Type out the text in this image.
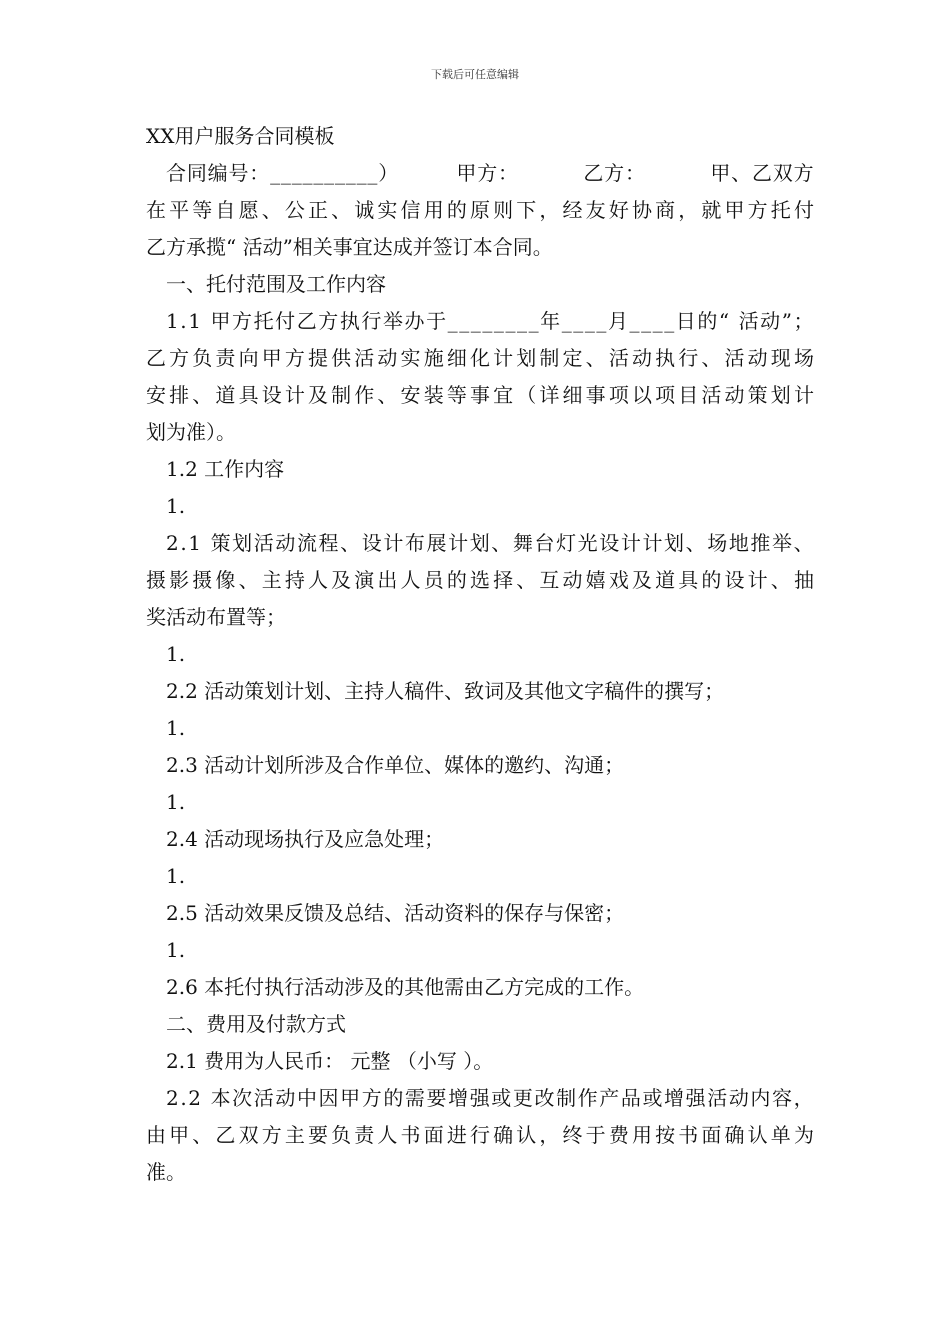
下载后可任意编辑
XX用户服务合同模板
合 同 编 号 ： _ _ _ _ _ _ _ _ _ _ ）

	甲 方 ：

	乙 方 ：

	甲 、 乙 双 方
在 平 等 自 愿 、 公 正 、 诚 实 信 用 的 原 则 下 ， 经 友 好 协 商 ， 就 甲 方 托 付
乙方承揽“ 活动”相关事宜达成并签订本合同。
一、托付范围及工作内容
1 . 1
甲 方 托 付 乙 方 执 行 举 办 于 _ _ _ _ _ _ _ _ 年 _ _ _ _ 月 _ _ _ _ 日 的 “
活 动 ” ；
乙 方 负 责 向 甲 方 提 供 活 动 实 施 细 化 计 划 制 定 、 活 动 执 行 、 活 动 现 场
安 排 、 道 具 设 计 及 制 作 、 安 装 等 事 宜 （ 详 细 事 项 以 项 目 活 动 策 划 计
划为准）。
1.2 工作内容
1.
2 . 1
策 划 活 动 流 程 、 设 计 布 展 计 划 、 舞 台 灯 光 设 计 计 划 、 场 地 推 举 、
摄 影 摄 像 、 主 持 人 及 演 出 人 员 的 选 择 、 互 动 嬉 戏 及 道 具 的 设 计 、 抽
奖活动布置等；
1.
2.2 活动策划计划、主持人稿件、致词及其他文字稿件的撰写；
1.
2.3 活动计划所涉及合作单位、媒体的邀约、沟通；
1.
2.4 活动现场执行及应急处理；
1.
2.5 活动效果反馈及总结、活动资料的保存与保密；
1.
2.6 本托付执行活动涉及的其他需由乙方完成的工作。
二、费用及付款方式
2.1 费用为人民币： 元整 （小写 ）。
2 . 2
本 次 活 动 中 因 甲 方 的 需 要 增 强 或 更 改 制 作 产 品 或 增 强 活 动 内 容 ，
由 甲 、 乙 双 方 主 要 负 责 人 书 面 进 行 确 认 ， 终 于 费 用 按 书 面 确 认 单 为
准。
